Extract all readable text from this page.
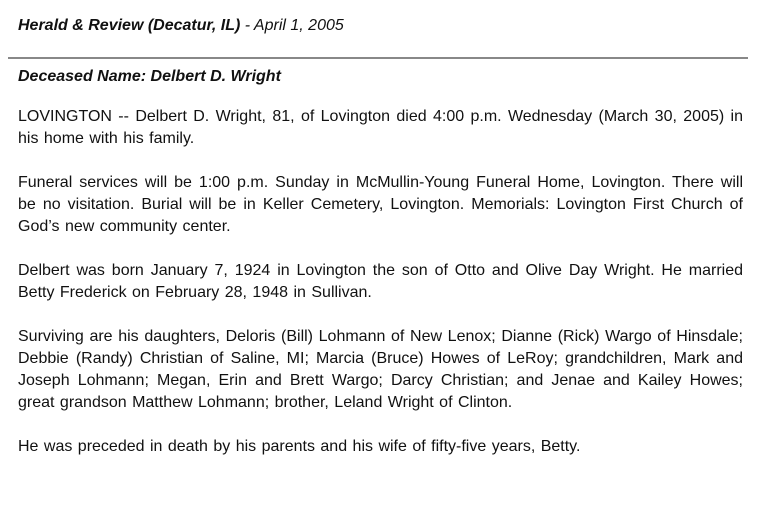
Herald & Review (Decatur, IL) - April 1, 2005
Deceased Name: Delbert D. Wright

LOVINGTON -- Delbert D. Wright, 81, of Lovington died 4:00 p.m. Wednesday (March 30, 2005) in his home with his family.

Funeral services will be 1:00 p.m. Sunday in McMullin-Young Funeral Home, Lovington. There will be no visitation. Burial will be in Keller Cemetery, Lovington. Memorials: Lovington First Church of God’s new community center.

Delbert was born January 7, 1924 in Lovington the son of Otto and Olive Day Wright. He married Betty Frederick on February 28, 1948 in Sullivan.

Surviving are his daughters, Deloris (Bill) Lohmann of New Lenox; Dianne (Rick) Wargo of Hinsdale; Debbie (Randy) Christian of Saline, MI; Marcia (Bruce) Howes of LeRoy; grandchildren, Mark and Joseph Lohmann; Megan, Erin and Brett Wargo; Darcy Christian; and Jenae and Kailey Howes; great grandson Matthew Lohmann; brother, Leland Wright of Clinton.

He was preceded in death by his parents and his wife of fifty-five years, Betty.
